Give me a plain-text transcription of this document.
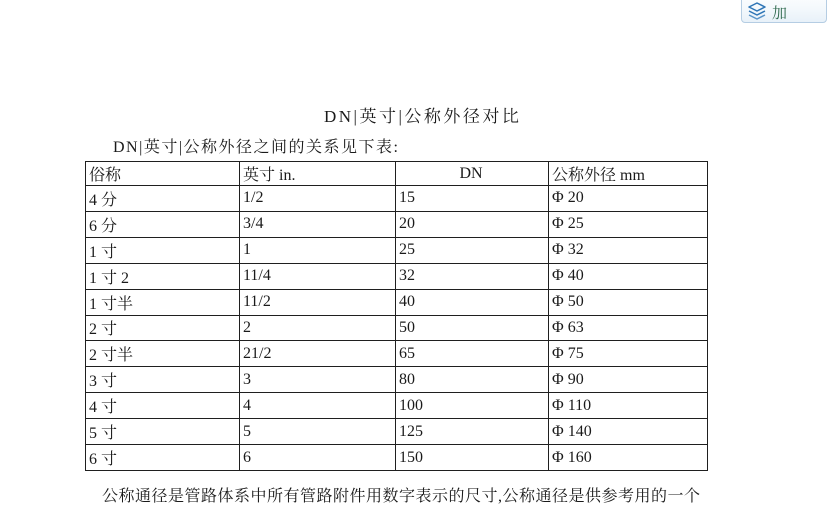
加
DN|英寸|公称外径对比

DN|英寸|公称外径之间的关系见下表:

俗称	英寸 in.	DN	公称外径 mm
4 分	1/2	15	Φ 20
6 分	3/4	20	Φ 25
1 寸	1	25	Φ 32
1 寸 2	11/4	32	Φ 40
1 寸半	11/2	40	Φ 50
2 寸	2	50	Φ 63
2 寸半	21/2	65	Φ 75
3 寸	3	80	Φ 90
4 寸	4	100	Φ 110
5 寸	5	125	Φ 140
6 寸	6	150	Φ 160

公称通径是管路体系中所有管路附件用数字表示的尺寸,公称通径是供参考用的一个
